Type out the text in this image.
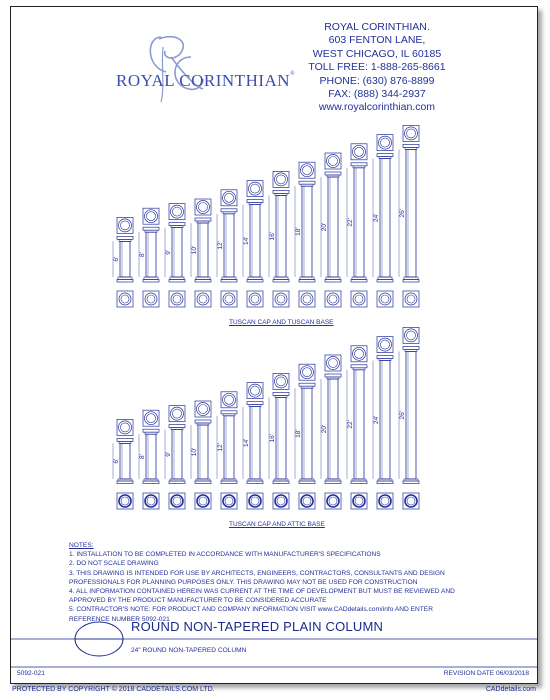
ROYAL CORINTHIAN®
ROYAL CORINTHIAN.
603 FENTON LANE,
WEST CHICAGO, IL 60185
TOLL FREE: 1-888-265-8661
PHONE: (630) 876-8899
FAX: (888) 344-2937
www.royalcorinthian.com
6'
8'	9'	10'
12'
14'
16'
18'
20'
22'
24'
26'
6'
8'	9'	10'
12'
14'
16'
18'
20'
22'
24'
26'
TUSCAN CAP AND TUSCAN BASE
TUSCAN CAP AND ATTIC BASE
NOTES:
1. INSTALLATION TO BE COMPLETED IN ACCORDANCE WITH MANUFACTURER'S SPECIFICATIONS
2. DO NOT SCALE DRAWING
3. THIS DRAWING IS INTENDED FOR USE BY ARCHITECTS, ENGINEERS, CONTRACTORS, CONSULTANTS AND DESIGN
PROFESSIONALS FOR PLANNING PURPOSES ONLY. THIS DRAWING MAY NOT BE USED FOR CONSTRUCTION
4. ALL INFORMATION CONTAINED HEREIN WAS CURRENT AT THE TIME OF DEVELOPMENT BUT MUST BE REVIEWED AND
APPROVED BY THE PRODUCT MANUFACTURER TO BE CONSIDERED ACCURATE
5. CONTRACTOR'S NOTE: FOR PRODUCT AND COMPANY INFORMATION VISIT www.CADdetails.com/info AND ENTER
REFERENCE NUMBER 5092-021
ROUND NON-TAPERED PLAIN COLUMN
24" ROUND NON-TAPERED COLUMN
5092-021	REVISION DATE 06/03/2018
PROTECTED BY COPYRIGHT © 2018 CADDETAILS.COM LTD.	CADdetails.com
